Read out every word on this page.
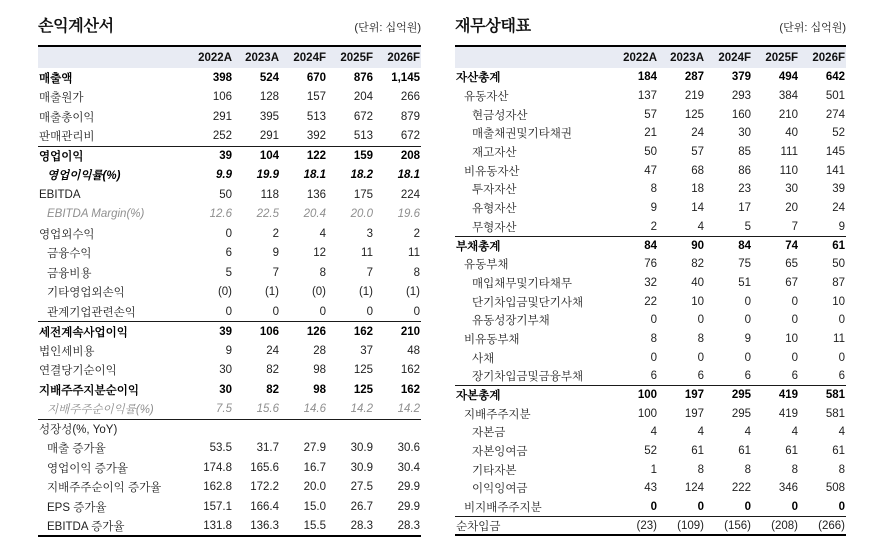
손익계산서	(단위: 십억원)
	2022A	2023A	2024F	2025F	2026F
매출액	398	524	670	876	1,145
매출원가	106	128	157	204	266
매출총이익	291	395	513	672	879
판매관리비	252	291	392	513	672
영업이익	39	104	122	159	208
영업이익률(%)	9.9	19.9	18.1	18.2	18.1
EBITDA	50	118	136	175	224
EBITDA Margin(%)	12.6	22.5	20.4	20.0	19.6
영업외수익	0	2	4	3	2
금융수익	6	9	12	11	11
금융비용	5	7	8	7	8
기타영업외손익	(0)	(1)	(0)	(1)	(1)
관계기업관련손익	0	0	0	0	0
세전계속사업이익	39	106	126	162	210
법인세비용	9	24	28	37	48
연결당기순이익	30	82	98	125	162
지배주주지분순이익	30	82	98	125	162
지배주주순이익률(%)	7.5	15.6	14.6	14.2	14.2
성장성(%, YoY)					
매출 증가율	53.5	31.7	27.9	30.9	30.6
영업이익 증가율	174.8	165.6	16.7	30.9	30.4
지배주주순이익 증가율	162.8	172.2	20.0	27.5	29.9
EPS 증가율	157.1	166.4	15.0	26.7	29.9
EBITDA 증가율	131.8	136.3	15.5	28.3	28.3
재무상태표	(단위: 십억원)
	2022A	2023A	2024F	2025F	2026F
자산총계	184	287	379	494	642
유동자산	137	219	293	384	501
현금성자산	57	125	160	210	274
매출채권및기타채권	21	24	30	40	52
재고자산	50	57	85	111	145
비유동자산	47	68	86	110	141
투자자산	8	18	23	30	39
유형자산	9	14	17	20	24
무형자산	2	4	5	7	9
부채총계	84	90	84	74	61
유동부채	76	82	75	65	50
매입채무및기타채무	32	40	51	67	87
단기차입금및단기사채	22	10	0	0	10
유동성장기부채	0	0	0	0	0
비유동부채	8	8	9	10	11
사채	0	0	0	0	0
장기차입금및금융부채	6	6	6	6	6
자본총계	100	197	295	419	581
지배주주지분	100	197	295	419	581
자본금	4	4	4	4	4
자본잉여금	52	61	61	61	61
기타자본	1	8	8	8	8
이익잉여금	43	124	222	346	508
비지배주주지분	0	0	0	0	0
순차입금	(23)	(109)	(156)	(208)	(266)
